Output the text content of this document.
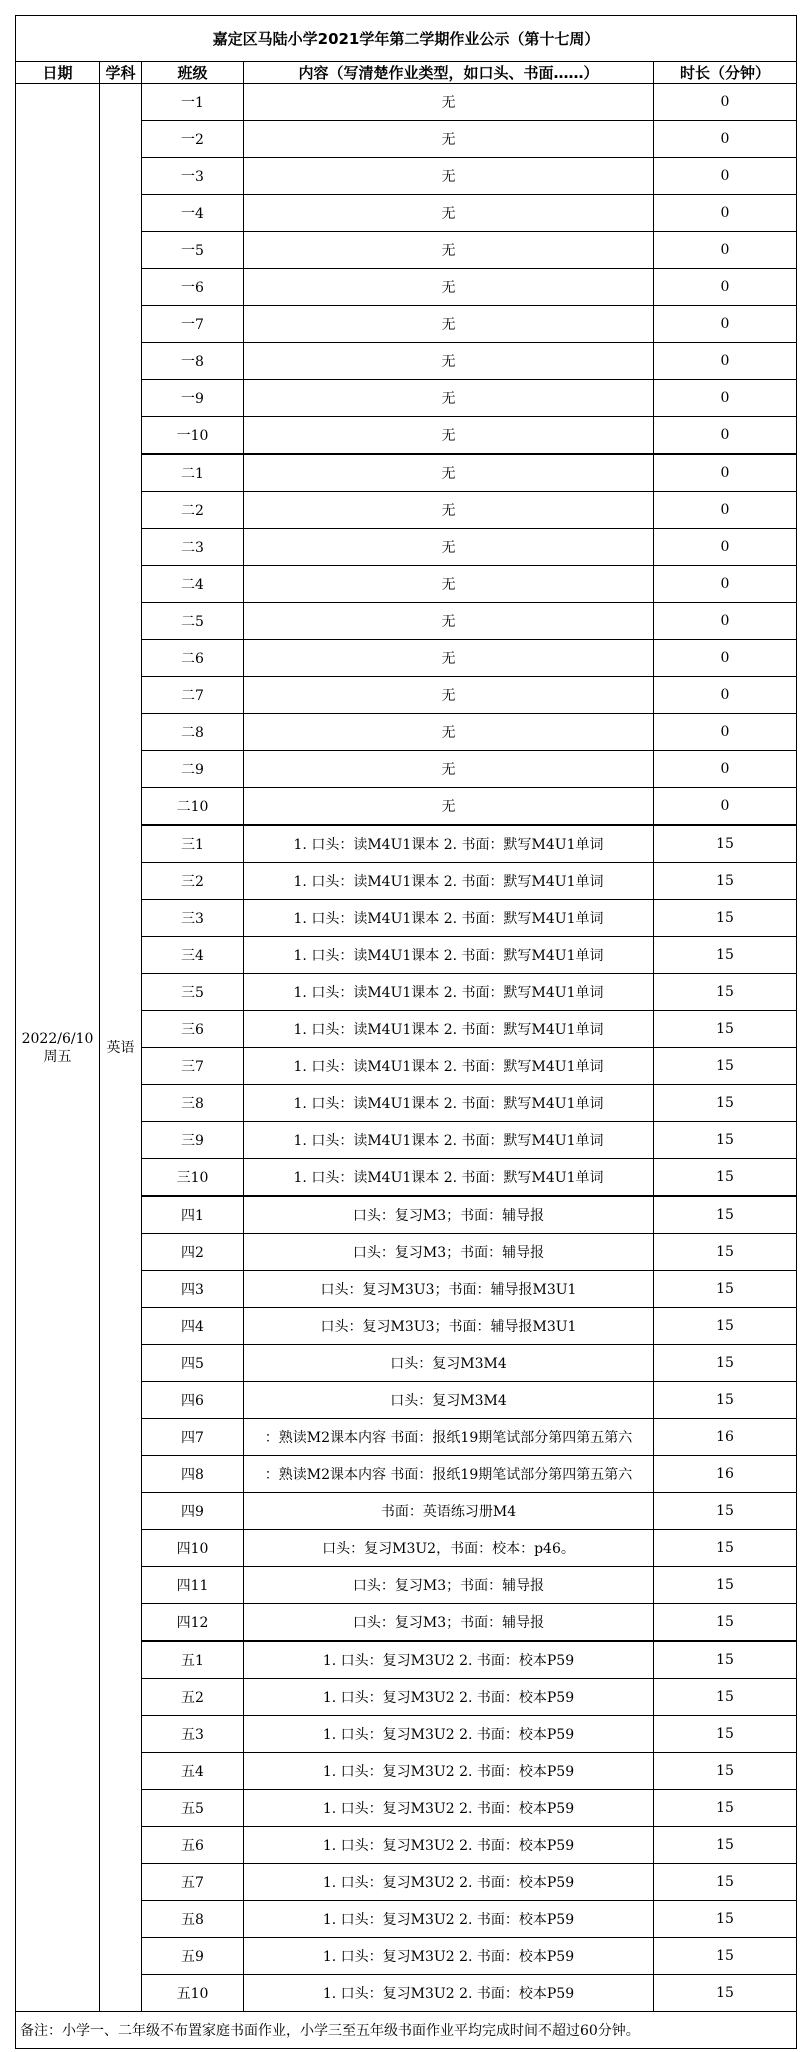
嘉定区马陆小学2021学年第二学期作业公示（第十七周）				
日期	学科	班级	内容（写清楚作业类型，如口头、书面……）	时长（分钟）

2022/6/10
周五	英语	一1	无	0
		一2	无	0
		一3	无	0
		一4	无	0
		一5	无	0
		一6	无	0
		一7	无	0
		一8	无	0
		一9	无	0
		一10	无	0
		二1	无	0
		二2	无	0
		二3	无	0
		二4	无	0
		二5	无	0
		二6	无	0
		二7	无	0
		二8	无	0
		二9	无	0
		二10	无	0
		三1	1. 口头：读M4U1课本 2. 书面：默写M4U1单词	15
		三2	1. 口头：读M4U1课本 2. 书面：默写M4U1单词	15
		三3	1. 口头：读M4U1课本 2. 书面：默写M4U1单词	15
		三4	1. 口头：读M4U1课本 2. 书面：默写M4U1单词	15
		三5	1. 口头：读M4U1课本 2. 书面：默写M4U1单词	15
		三6	1. 口头：读M4U1课本 2. 书面：默写M4U1单词	15
		三7	1. 口头：读M4U1课本 2. 书面：默写M4U1单词	15
		三8	1. 口头：读M4U1课本 2. 书面：默写M4U1单词	15
		三9	1. 口头：读M4U1课本 2. 书面：默写M4U1单词	15
		三10	1. 口头：读M4U1课本 2. 书面：默写M4U1单词	15
		四1	口头：复习M3；书面：辅导报	15
		四2	口头：复习M3；书面：辅导报	15
		四3	口头：复习M3U3；书面：辅导报M3U1	15
		四4	口头：复习M3U3；书面：辅导报M3U1	15
		四5	口头：复习M3M4	15
		四6	口头：复习M3M4	15
		四7	：熟读M2课本内容 书面：报纸19期笔试部分第四第五第六	16
		四8	：熟读M2课本内容 书面：报纸19期笔试部分第四第五第六	16
		四9	书面：英语练习册M4	15
		四10	口头：复习M3U2，书面：校本：p46。	15
		四11	口头：复习M3；书面：辅导报	15
		四12	口头：复习M3；书面：辅导报	15
		五1	1. 口头：复习M3U2 2. 书面：校本P59	15
		五2	1. 口头：复习M3U2 2. 书面：校本P59	15
		五3	1. 口头：复习M3U2 2. 书面：校本P59	15
		五4	1. 口头：复习M3U2 2. 书面：校本P59	15
		五5	1. 口头：复习M3U2 2. 书面：校本P59	15
		五6	1. 口头：复习M3U2 2. 书面：校本P59	15
		五7	1. 口头：复习M3U2 2. 书面：校本P59	15
		五8	1. 口头：复习M3U2 2. 书面：校本P59	15
		五9	1. 口头：复习M3U2 2. 书面：校本P59	15
		五10	1. 口头：复习M3U2 2. 书面：校本P59	15
备注：小学一、二年级不布置家庭书面作业，小学三至五年级书面作业平均完成时间不超过60分钟。				
